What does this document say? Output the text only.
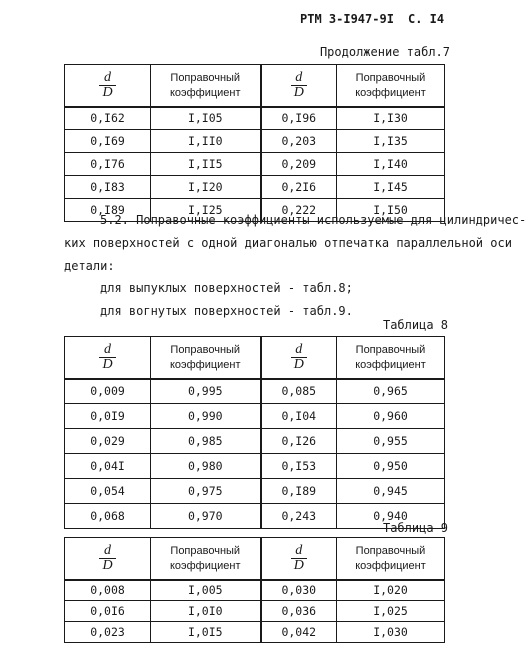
РТМ 3-I947-9I С. I4
Продолжение табл.7
$\frac{d}{D}$	Поправочный коэффициент	$\frac{d}{D}$	Поправочный коэффициент
0,I62	I,I05	0,I96	I,I30
0,I69	I,II0	0,203	I,I35
0,I76	I,II5	0,209	I,I40
0,I83	I,I20	0,2I6	I,I45
0,I89	I,I25	0,222	I,I50
5.2. Поправочные коэффициенты используемые для цилиндричес-
ких поверхностей с одной диагональю отпечатка параллельной оси
детали:
для выпуклых поверхностей - табл.8;
для вогнутых поверхностей - табл.9.
Таблица 8
$\frac{d}{D}$	Поправочный коэффициент	$\frac{d}{D}$	Поправочный коэффициент
0,009	0,995	0,085	0,965
0,0I9	0,990	0,I04	0,960
0,029	0,985	0,I26	0,955
0,04I	0,980	0,I53	0,950
0,054	0,975	0,I89	0,945
0,068	0,970	0,243	0,940
Таблица 9
$\frac{d}{D}$	Поправочный коэффициент	$\frac{d}{D}$	Поправочный коэффициент
0,008	I,005	0,030	I,020
0,0I6	I,0I0	0,036	I,025
0,023	I,0I5	0,042	I,030
